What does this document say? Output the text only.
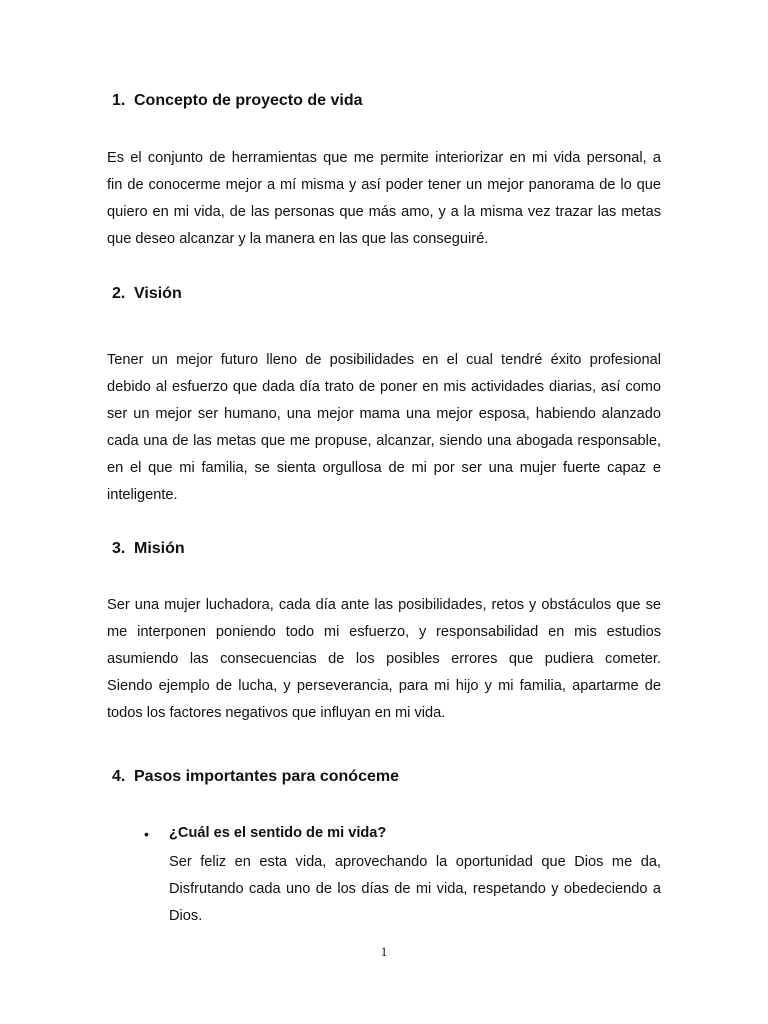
1. Concepto de proyecto de vida
Es el conjunto de herramientas que me permite interiorizar en mi vida personal, a
fin de conocerme mejor a mí misma y así poder tener un mejor panorama de lo que
quiero en mi vida, de las personas que más amo, y a la misma vez trazar las metas
que deseo alcanzar y la manera en las que las conseguiré.
2. Visión
Tener un mejor futuro lleno de posibilidades en el cual tendré éxito profesional
debido al esfuerzo que dada día trato de poner en mis actividades diarias, así como
ser un mejor ser humano, una mejor mama una mejor esposa, habiendo alanzado
cada una de las metas que me propuse, alcanzar, siendo una abogada responsable,
en el que mi familia, se sienta orgullosa de mi por ser una mujer fuerte capaz e
inteligente.
3. Misión
Ser una mujer luchadora, cada día ante las posibilidades, retos y obstáculos que se
me interponen poniendo todo mi esfuerzo, y responsabilidad en mis estudios
asumiendo las consecuencias de los posibles errores que pudiera cometer.
Siendo ejemplo de lucha, y perseverancia, para mi hijo y mi familia, apartarme de
todos los factores negativos que influyan en mi vida.
4. Pasos importantes para conóceme
• ¿Cuál es el sentido de mi vida?
Ser feliz en esta vida, aprovechando la oportunidad que Dios me da,
Disfrutando cada uno de los días de mi vida, respetando y obedeciendo a
Dios.
1
